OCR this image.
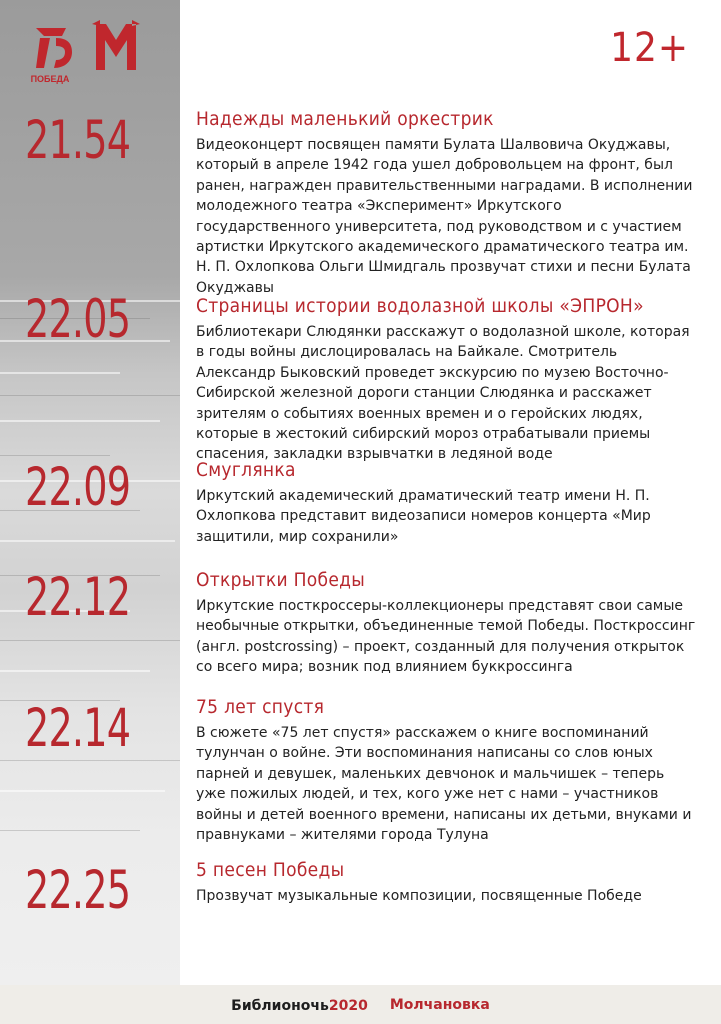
ПОБЕДА
12+
21.54
22.05
22.09
22.12
22.14
22.25
Надежды маленький оркестрик

Видеоконцерт посвящен памяти Булата Шалвовича Окуджавы, который в апреле 1942 года ушел добровольцем на фронт, был ранен, награжден правительственными наградами. В исполнении молодежного театра «Эксперимент» Иркутского государственного университета, под руководством и с участием артистки Иркутского академического драматического театра им. Н. П. Охлопкова Ольги Шмидгаль прозвучат стихи и песни Булата Окуджавы

Страницы истории водолазной школы «ЭПРОН»

Библиотекари Слюдянки расскажут о водолазной школе, которая в годы войны дислоцировалась на Байкале. Смотритель Александр Быковский проведет экскурсию по музею Восточно-Сибирской железной дороги станции Слюдянка и расскажет зрителям о событиях военных времен и о геройских людях, которые в жестокий сибирский мороз отрабатывали приемы спасения, закладки взрывчатки в ледяной воде

Смуглянка

Иркутский академический драматический театр имени Н. П. Охлопкова представит видеозаписи номеров концерта «Мир защитили, мир сохранили»

Открытки Победы

Иркутские посткроссеры-коллекционеры представят свои самые необычные открытки, объединенные темой Победы. Посткроссинг (англ. postcrossing) – проект, созданный для получения открыток со всего мира; возник под влиянием буккроссинга

75 лет спустя

В сюжете «75 лет спустя» расскажем о книге воспоминаний тулунчан о войне. Эти воспоминания написаны со слов юных парней и девушек, маленьких девчонок и мальчишек – теперь уже пожилых людей, и тех, кого уже нет с нами – участников войны и детей военного времени, написаны их детьми, внуками и правнуками – жителями города Тулуна

5 песен Победы

Прозвучат музыкальные композиции, посвященные Победе

Библионочь2020 Молчановка
